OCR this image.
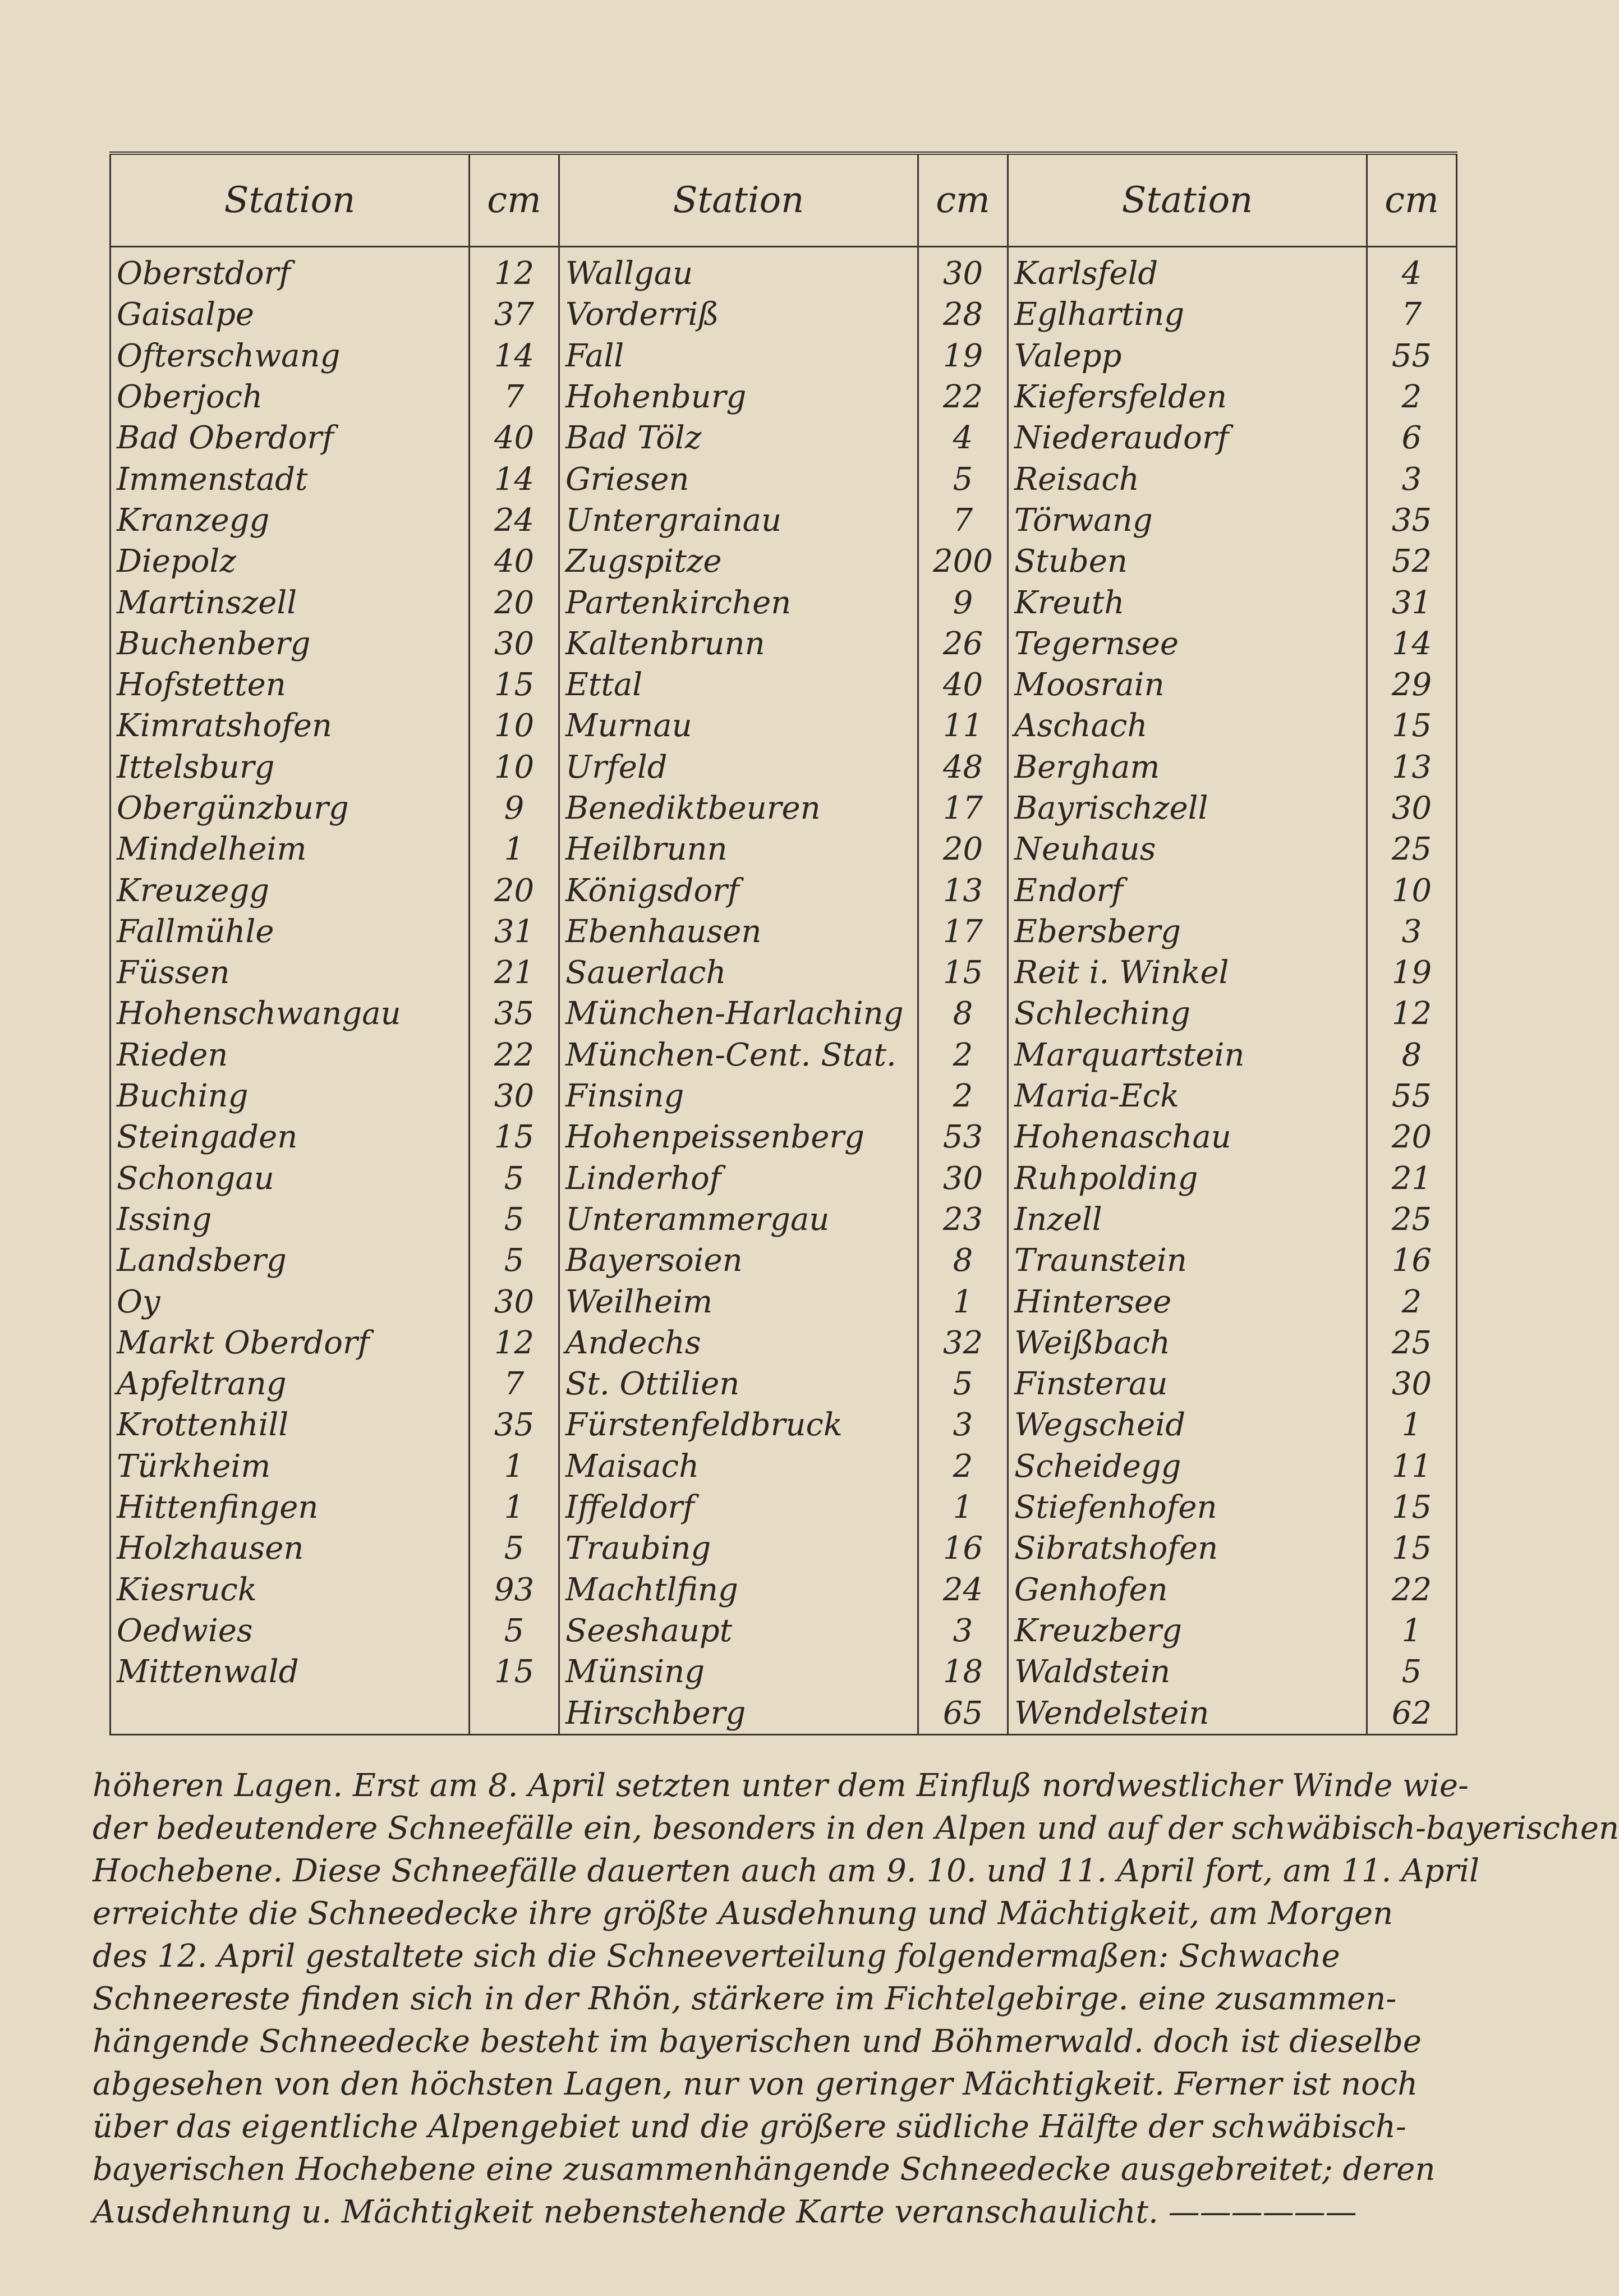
Station	cm	Station	cm	Station	cm
Oberstdorf	12	Wallgau	30	Karlsfeld	4
Gaisalpe	37	Vorderriß	28	Eglharting	7
Ofterschwang	14	Fall	19	Valepp	55
Oberjoch	7	Hohenburg	22	Kiefersfelden	2
Bad Oberdorf	40	Bad Tölz	4	Niederaudorf	6
Immenstadt	14	Griesen	5	Reisach	3
Kranzegg	24	Untergrainau	7	Törwang	35
Diepolz	40	Zugspitze	200	Stuben	52
Martinszell	20	Partenkirchen	9	Kreuth	31
Buchenberg	30	Kaltenbrunn	26	Tegernsee	14
Hofstetten	15	Ettal	40	Moosrain	29
Kimratshofen	10	Murnau	11	Aschach	15
Ittelsburg	10	Urfeld	48	Bergham	13
Obergünzburg	9	Benediktbeuren	17	Bayrischzell	30
Mindelheim	1	Heilbrunn	20	Neuhaus	25
Kreuzegg	20	Königsdorf	13	Endorf	10
Fallmühle	31	Ebenhausen	17	Ebersberg	3
Füssen	21	Sauerlach	15	Reit i. Winkel	19
Hohenschwangau	35	München-Harlaching	8	Schleching	12
Rieden	22	München-Cent. Stat.	2	Marquartstein	8
Buching	30	Finsing	2	Maria-Eck	55
Steingaden	15	Hohenpeissenberg	53	Hohenaschau	20
Schongau	5	Linderhof	30	Ruhpolding	21
Issing	5	Unterammergau	23	Inzell	25
Landsberg	5	Bayersoien	8	Traunstein	16
Oy	30	Weilheim	1	Hintersee	2
Markt Oberdorf	12	Andechs	32	Weißbach	25
Apfeltrang	7	St. Ottilien	5	Finsterau	30
Krottenhill	35	Fürstenfeldbruck	3	Wegscheid	1
Türkheim	1	Maisach	2	Scheidegg	11
Hittenfingen	1	Iffeldorf	1	Stiefenhofen	15
Holzhausen	5	Traubing	16	Sibratshofen	15
Kiesruck	93	Machtlfing	24	Genhofen	22
Oedwies	5	Seeshaupt	3	Kreuzberg	1
Mittenwald	15	Münsing	18	Waldstein	5
		Hirschberg	65	Wendelstein	62
höheren Lagen. Erst am 8. April setzten unter dem Einfluß nordwestlicher Winde wie-
der bedeutendere Schneefälle ein, besonders in den Alpen und auf der schwäbisch-bayerischen
Hochebene. Diese Schneefälle dauerten auch am 9. 10. und 11. April fort, am 11. April
erreichte die Schneedecke ihre größte Ausdehnung und Mächtigkeit, am Morgen
des 12. April gestaltete sich die Schneeverteilung folgendermaßen: Schwache
Schneereste finden sich in der Rhön, stärkere im Fichtelgebirge. eine zusammen-
hängende Schneedecke besteht im bayerischen und Böhmerwald. doch ist dieselbe
abgesehen von den höchsten Lagen, nur von geringer Mächtigkeit. Ferner ist noch
über das eigentliche Alpengebiet und die größere südliche Hälfte der schwäbisch-
bayerischen Hochebene eine zusammenhängende Schneedecke ausgebreitet; deren
Ausdehnung u. Mächtigkeit nebenstehende Karte veranschaulicht. ——————
